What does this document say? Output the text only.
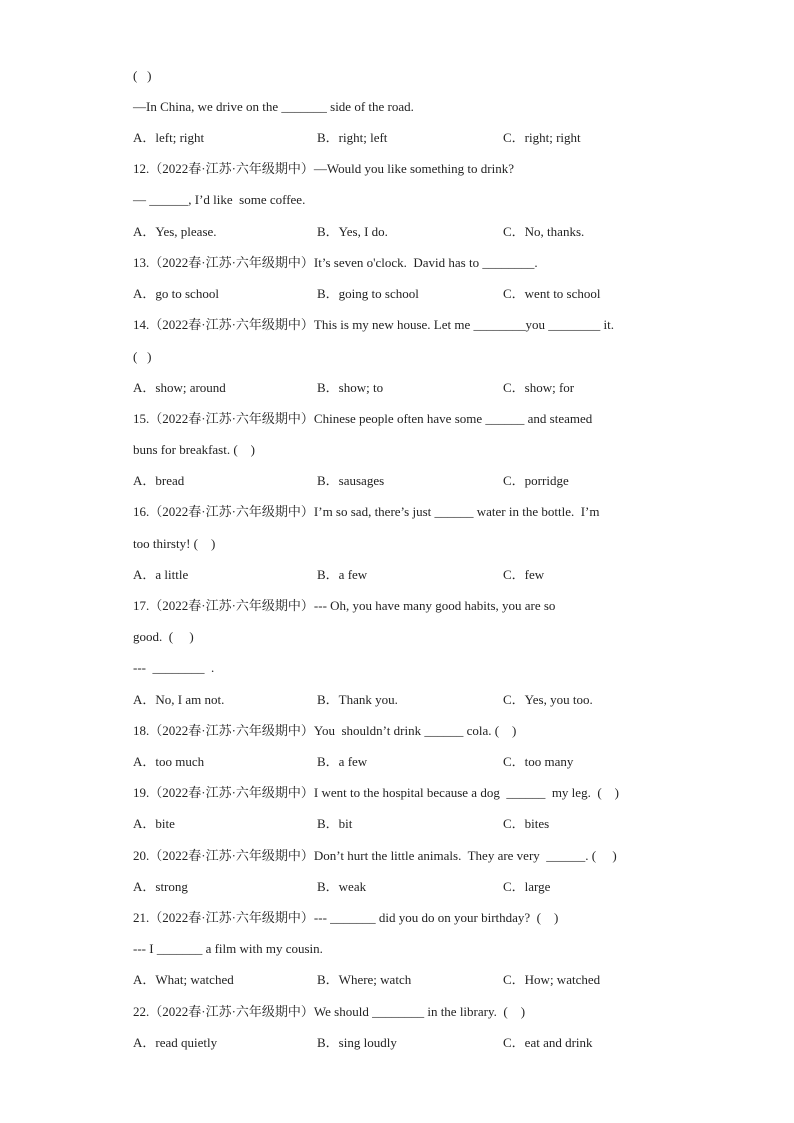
(   )
—In China, we drive on the _______ side of the road.
A．left; right	B．right; left	C．right; right
12.（2022春·江苏·六年级期中）—Would you like something to drink?
— ______, I’d like  some coffee.
A．Yes, please.	B．Yes, I do.	C．No, thanks.
13.（2022春·江苏·六年级期中）It’s seven o'clock.  David has to ________.
A．go to school	B．going to school	C．went to school
14.（2022春·江苏·六年级期中）This is my new house. Let me ________you ________ it.
(   )
A．show; around	B．show; to	C．show; for
15.（2022春·江苏·六年级期中）Chinese people often have some ______ and steamed
buns for breakfast. (    )
A．bread	B．sausages	C．porridge
16.（2022春·江苏·六年级期中）I’m so sad, there’s just ______ water in the bottle.  I’m
too thirsty! (    )
A．a little	B．a few	C．few
17.（2022春·江苏·六年级期中）--- Oh, you have many good habits, you are so
good.  (     )
---  ________  .
A．No, I am not.	B．Thank you.	C．Yes, you too.
18.（2022春·江苏·六年级期中）You  shouldn’t drink ______ cola. (    )
A．too much	B．a few	C．too many
19.（2022春·江苏·六年级期中）I went to the hospital because a dog  ______  my leg.  (    )
A．bite	B．bit	C．bites
20.（2022春·江苏·六年级期中）Don’t hurt the little animals.  They are very  ______. (     )
A．strong	B．weak	C．large
21.（2022春·江苏·六年级期中）--- _______ did you do on your birthday?  (    )
--- I _______ a film with my cousin.
A．What; watched	B．Where; watch	C．How; watched
22.（2022春·江苏·六年级期中）We should ________ in the library.  (    )
A．read quietly	B．sing loudly	C．eat and drink
